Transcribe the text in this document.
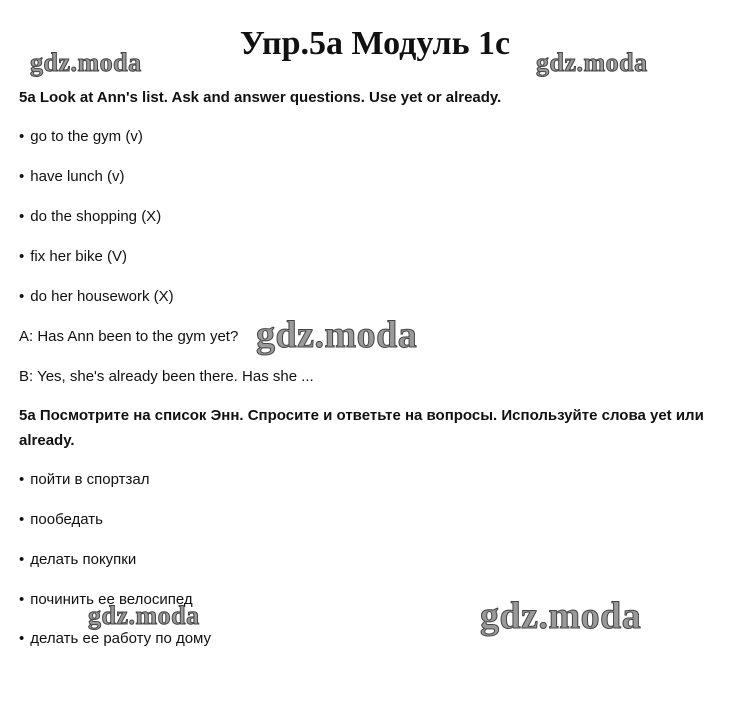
Упр.5а Модуль 1с
gdz.moda	gdz.moda
gdz.moda
gdz.moda	gdz.moda

5a Look at Ann's list. Ask and answer questions. Use yet or already.

• go to the gym (v)

• have lunch (v)

• do the shopping (X)

• fix her bike (V)

• do her housework (X)

A: Has Ann been to the gym yet?

B: Yes, she's already been there. Has she ...

5a Посмотрите на список Энн. Спросите и ответьте на вопросы. Используйте слова yet или already.

• пойти в спортзал

• пообедать

• делать покупки

• починить ее велосипед

• делать ее работу по дому
